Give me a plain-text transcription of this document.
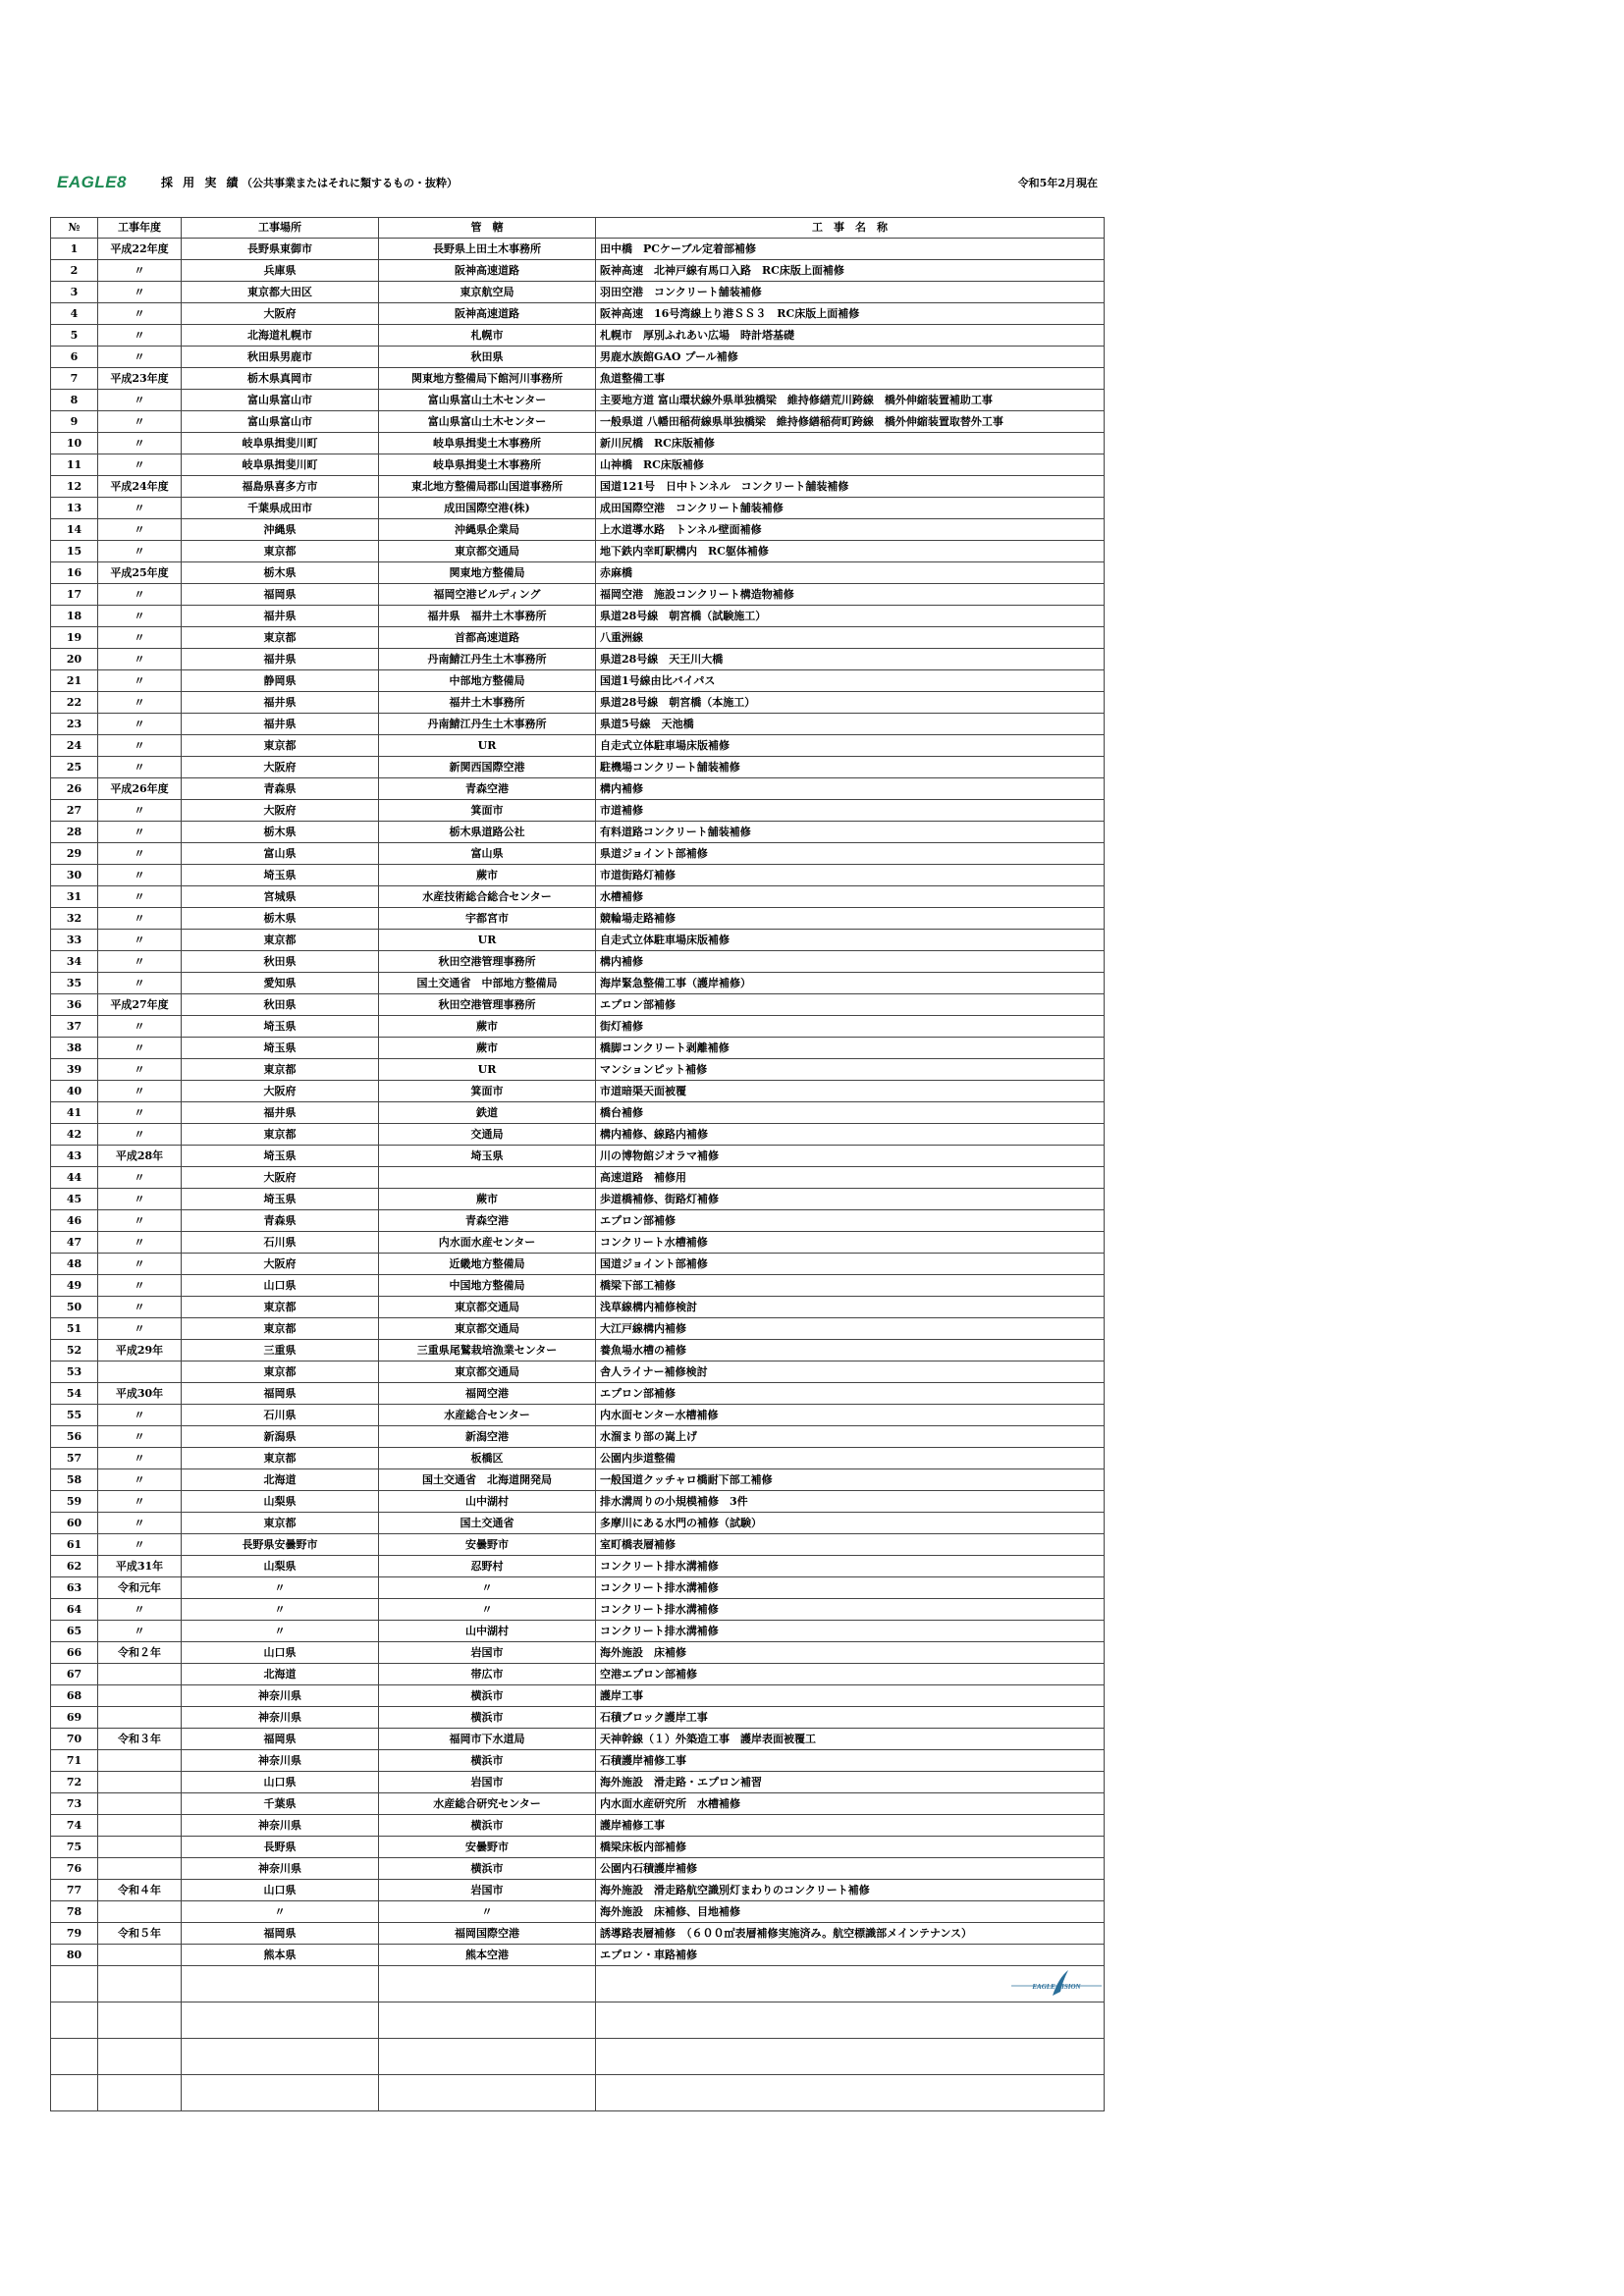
EAGLE8	採 用 実 績 （公共事業またはそれに類するもの・抜粋）	令和5年2月現在
№	工事年度	工事場所	管　轄	工　事　名　称
1	平成22年度	長野県東御市	長野県上田土木事務所	田中橋　PCケーブル定着部補修
2	〃	兵庫県	阪神高速道路	阪神高速　北神戸線有馬口入路　RC床版上面補修
3	〃	東京都大田区	東京航空局	羽田空港　コンクリート舗装補修
4	〃	大阪府	阪神高速道路	阪神高速　16号湾線上り港ＳＳ３　RC床版上面補修
5	〃	北海道札幌市	札幌市	札幌市　厚別ふれあい広場　時計塔基礎
6	〃	秋田県男鹿市	秋田県	男鹿水族館GAO プール補修
7	平成23年度	栃木県真岡市	関東地方整備局下館河川事務所	魚道整備工事
8	〃	富山県富山市	富山県富山土木センター	主要地方道 富山環状線外県単独橋梁　維持修繕荒川跨線　橋外伸縮装置補助工事
9	〃	富山県富山市	富山県富山土木センター	一般県道 八幡田稲荷線県単独橋梁　維持修繕稲荷町跨線　橋外伸縮装置取替外工事
10	〃	岐阜県揖斐川町	岐阜県揖斐土木事務所	新川尻橋　RC床版補修
11	〃	岐阜県揖斐川町	岐阜県揖斐土木事務所	山神橋　RC床版補修
12	平成24年度	福島県喜多方市	東北地方整備局郡山国道事務所	国道121号　日中トンネル　コンクリート舗装補修
13	〃	千葉県成田市	成田国際空港(株)	成田国際空港　コンクリート舗装補修
14	〃	沖縄県	沖縄県企業局	上水道導水路　トンネル壁面補修
15	〃	東京都	東京都交通局	地下鉄内幸町駅構内　RC躯体補修
16	平成25年度	栃木県	関東地方整備局	赤麻橋
17	〃	福岡県	福岡空港ビルディング	福岡空港　施設コンクリート構造物補修
18	〃	福井県	福井県　福井土木事務所	県道28号線　朝宮橋（試験施工）
19	〃	東京都	首都高速道路	八重洲線
20	〃	福井県	丹南鯖江丹生土木事務所	県道28号線　天王川大橋
21	〃	静岡県	中部地方整備局	国道1号線由比バイパス
22	〃	福井県	福井土木事務所	県道28号線　朝宮橋（本施工）
23	〃	福井県	丹南鯖江丹生土木事務所	県道5号線　天池橋
24	〃	東京都	UR	自走式立体駐車場床版補修
25	〃	大阪府	新関西国際空港	駐機場コンクリート舗装補修
26	平成26年度	青森県	青森空港	構内補修
27	〃	大阪府	箕面市	市道補修
28	〃	栃木県	栃木県道路公社	有料道路コンクリート舗装補修
29	〃	富山県	富山県	県道ジョイント部補修
30	〃	埼玉県	蕨市	市道街路灯補修
31	〃	宮城県	水産技術総合総合センター	水槽補修
32	〃	栃木県	宇都宮市	競輪場走路補修
33	〃	東京都	UR	自走式立体駐車場床版補修
34	〃	秋田県	秋田空港管理事務所	構内補修
35	〃	愛知県	国土交通省　中部地方整備局	海岸緊急整備工事（護岸補修）
36	平成27年度	秋田県	秋田空港管理事務所	エプロン部補修
37	〃	埼玉県	蕨市	街灯補修
38	〃	埼玉県	蕨市	橋脚コンクリート剥離補修
39	〃	東京都	UR	マンションピット補修
40	〃	大阪府	箕面市	市道暗渠天面被覆
41	〃	福井県	鉄道	橋台補修
42	〃	東京都	交通局	構内補修、線路内補修
43	平成28年	埼玉県	埼玉県	川の博物館ジオラマ補修
44	〃	大阪府		高速道路　補修用
45	〃	埼玉県	蕨市	歩道橋補修、街路灯補修
46	〃	青森県	青森空港	エプロン部補修
47	〃	石川県	内水面水産センター	コンクリート水槽補修
48	〃	大阪府	近畿地方整備局	国道ジョイント部補修
49	〃	山口県	中国地方整備局	橋梁下部工補修
50	〃	東京都	東京都交通局	浅草線構内補修検討
51	〃	東京都	東京都交通局	大江戸線構内補修
52	平成29年	三重県	三重県尾鷲栽培漁業センター	養魚場水槽の補修
53		東京都	東京都交通局	舎人ライナー補修検討
54	平成30年	福岡県	福岡空港	エプロン部補修
55	〃	石川県	水産総合センター	内水面センター水槽補修
56	〃	新潟県	新潟空港	水溜まり部の嵩上げ
57	〃	東京都	板橋区	公園内歩道整備
58	〃	北海道	国土交通省　北海道開発局	一般国道クッチャロ橋耐下部工補修
59	〃	山梨県	山中湖村	排水溝周りの小規模補修　3件
60	〃	東京都	国土交通省	多摩川にある水門の補修（試験）
61	〃	長野県安曇野市	安曇野市	室町橋表層補修
62	平成31年	山梨県	忍野村	コンクリート排水溝補修
63	令和元年	〃	〃	コンクリート排水溝補修
64	〃	〃	〃	コンクリート排水溝補修
65	〃	〃	山中湖村	コンクリート排水溝補修
66	令和２年	山口県	岩国市	海外施設　床補修
67		北海道	帯広市	空港エプロン部補修
68		神奈川県	横浜市	護岸工事
69		神奈川県	横浜市	石積ブロック護岸工事
70	令和３年	福岡県	福岡市下水道局	天神幹線（１）外築造工事　護岸表面被覆工
71		神奈川県	横浜市	石積護岸補修工事
72		山口県	岩国市	海外施設　滑走路・エプロン補習
73		千葉県	水産総合研究センター	内水面水産研究所　水槽補修
74		神奈川県	横浜市	護岸補修工事
75		長野県	安曇野市	橋梁床板内部補修
76		神奈川県	横浜市	公園内石積護岸補修
77	令和４年	山口県	岩国市	海外施設　滑走路航空識別灯まわりのコンクリート補修
78		〃	〃	海外施設　床補修、目地補修
79	令和５年	福岡県	福岡国際空港	誘導路表層補修　（６００㎡表層補修実施済み。航空標識部メインテナンス）
80		熊本県	熊本空港	エプロン・車路補修

EAGLE VISION
